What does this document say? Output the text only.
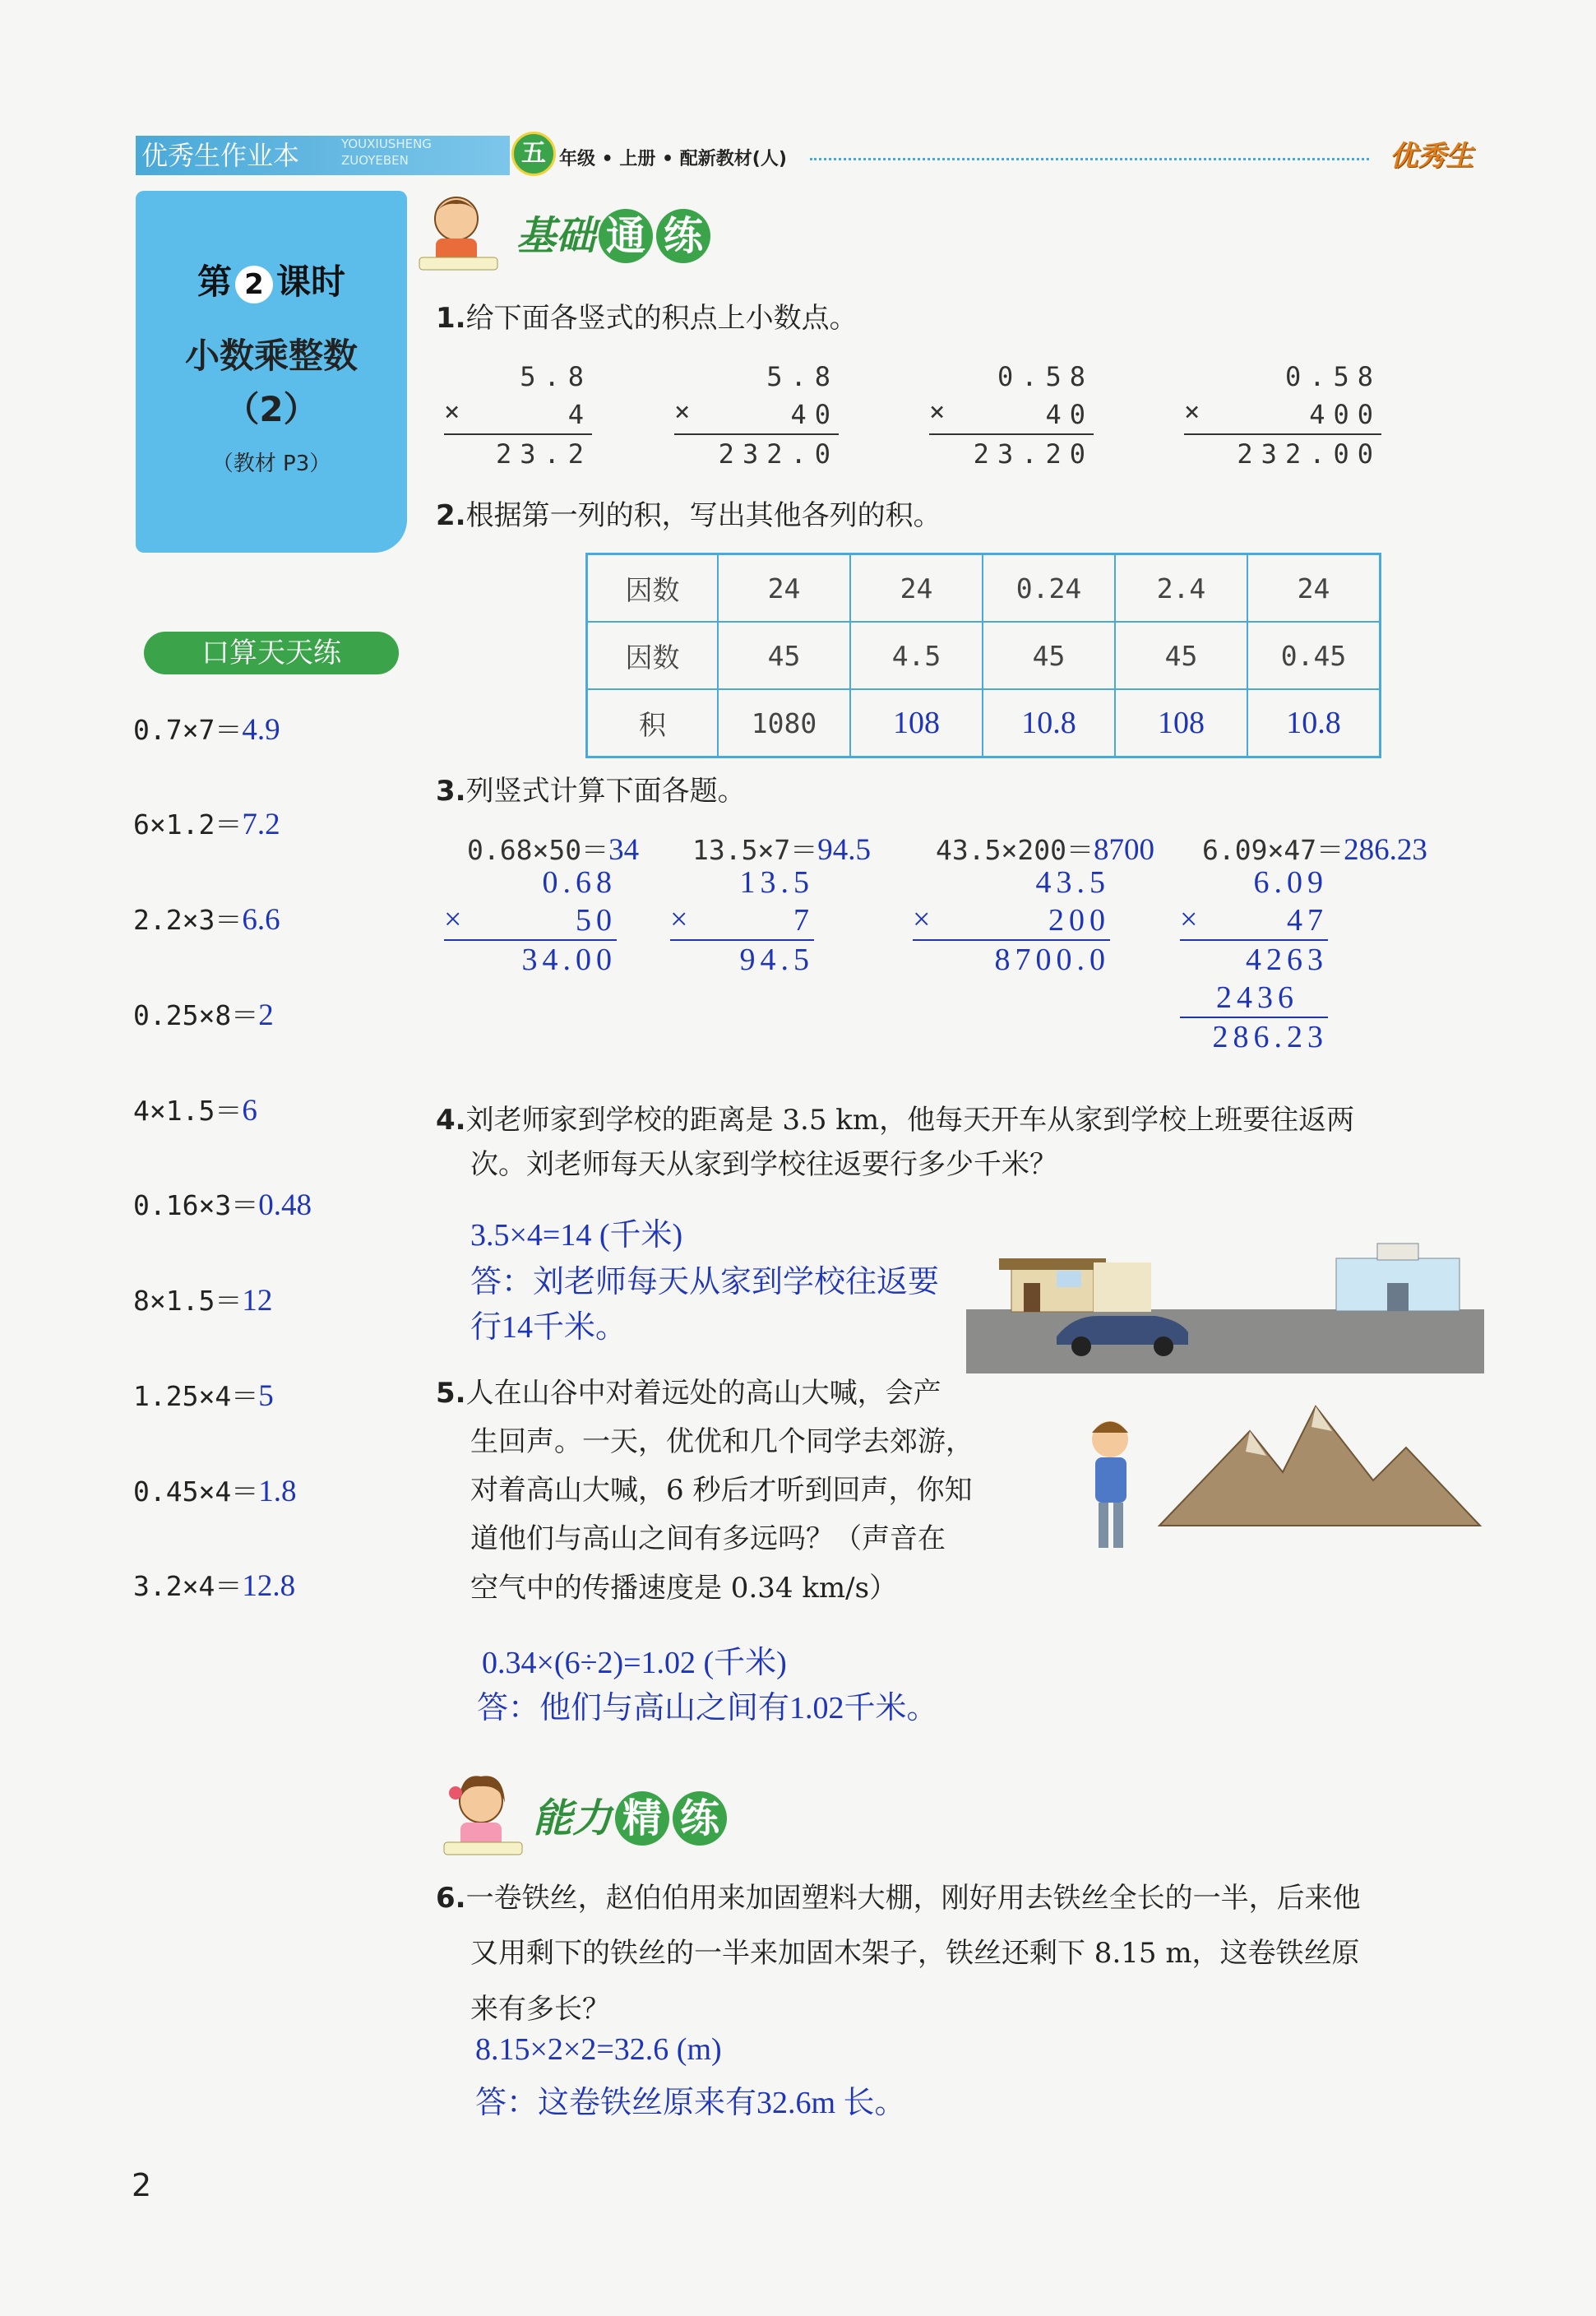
优秀生作业本	YOUXIUSHENG ZUOYEBEN	五 年级 • 上册 • 配新教材(人)	优秀生
第 2 课时
小数乘整数
（2）
（教材 P3）
口算天天练
0.7×7＝4.9
6×1.2＝7.2
2.2×3＝6.6
0.25×8＝2
4×1.5＝6
0.16×3＝0.48
8×1.5＝12
1.25×4＝5
0.45×4＝1.8
3.2×4＝12.8
基础 通 练
1.给下面各竖式的积点上小数点。
5.8
×	4
23.2
5.8
×	40
232.0
0.58
×	40
23.20
0.58
×	400
232.00
2.根据第一列的积，写出其他各列的积。
因数	24	24	0.24	2.4	24
因数	45	4.5	45	45	0.45
积	1080	108	10.8	108	10.8
3.列竖式计算下面各题。
0.68×50＝34
0.68
×	50
34.00
13.5×7＝94.5
13.5
×	7
94.5
43.5×200＝8700
43.5
×	200
8700.0
6.09×47＝286.23
6.09
×	47
4263
2436
286.23
4.刘老师家到学校的距离是 3.5 km，他每天开车从家到学校上班要往返两
次。刘老师每天从家到学校往返要行多少千米？
3.5×4=14 (千米)
答：刘老师每天从家到学校往返要
行14千米。
5.人在山谷中对着远处的高山大喊，会产
生回声。一天，优优和几个同学去郊游，
对着高山大喊，6 秒后才听到回声，你知
道他们与高山之间有多远吗？（声音在
空气中的传播速度是 0.34 km/s）
0.34×(6÷2)=1.02 (千米)
答：他们与高山之间有1.02千米。
能力 精 练
6.一卷铁丝，赵伯伯用来加固塑料大棚，刚好用去铁丝全长的一半，后来他
又用剩下的铁丝的一半来加固木架子，铁丝还剩下 8.15 m，这卷铁丝原
来有多长？
8.15×2×2=32.6 (m)
答：这卷铁丝原来有32.6m 长。
2
